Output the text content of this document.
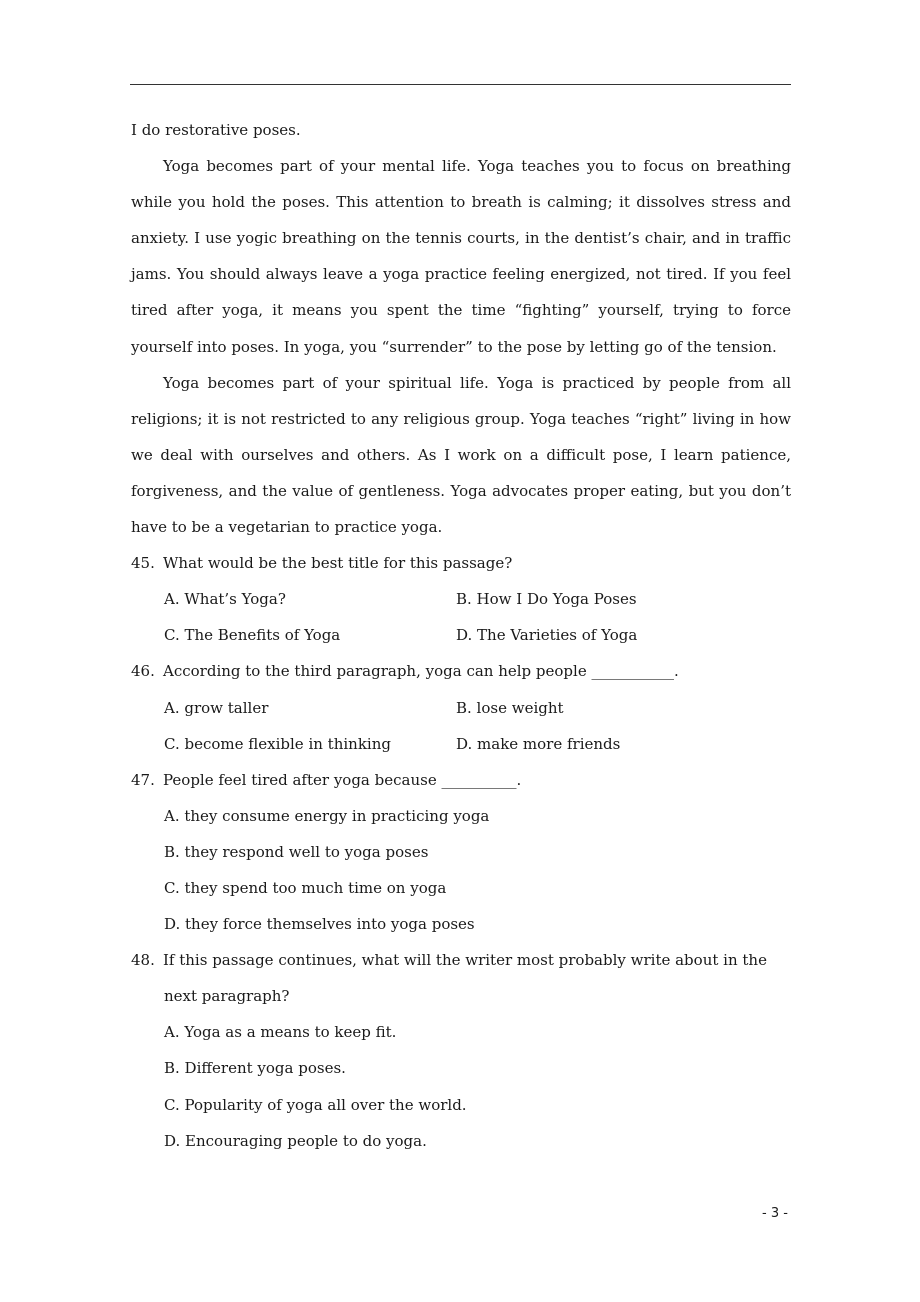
I do restorative poses.

Yoga becomes part of your mental life. Yoga teaches you to focus on breathing while you hold the poses. This attention to breath is calming; it dissolves stress and anxiety. I use yogic breathing on the tennis courts, in the dentist’s chair, and in traffic jams. You should always leave a yoga practice feeling energized, not tired. If you feel tired after yoga, it means you spent the time “fighting” yourself, trying to force yourself into poses. In yoga, you “surrender” to the pose by letting go of the tension.

Yoga becomes part of your spiritual life. Yoga is practiced by people from all religions; it is not restricted to any religious group. Yoga teaches “right” living in how we deal with ourselves and others. As I work on a difficult pose, I learn patience, forgiveness, and the value of gentleness. Yoga advocates proper eating, but you don’t have to be a vegetarian to practice yoga.

45. What would be the best title for this passage?

A. What’s Yoga?	B. How I Do Yoga Poses
C. The Benefits of Yoga	D. The Varieties of Yoga

46. According to the third paragraph, yoga can help people ___________.

A. grow taller	B. lose weight
C. become flexible in thinking	D. make more friends

47. People feel tired after yoga because __________.

A. they consume energy in practicing yoga
B. they respond well to yoga poses
C. they spend too much time on yoga
D. they force themselves into yoga poses

48. If this passage continues, what will the writer most probably write about in the

next paragraph?

A. Yoga as a means to keep fit.
B. Different yoga poses.
C. Popularity of yoga all over the world.
D. Encouraging people to do yoga.
- 3 -
